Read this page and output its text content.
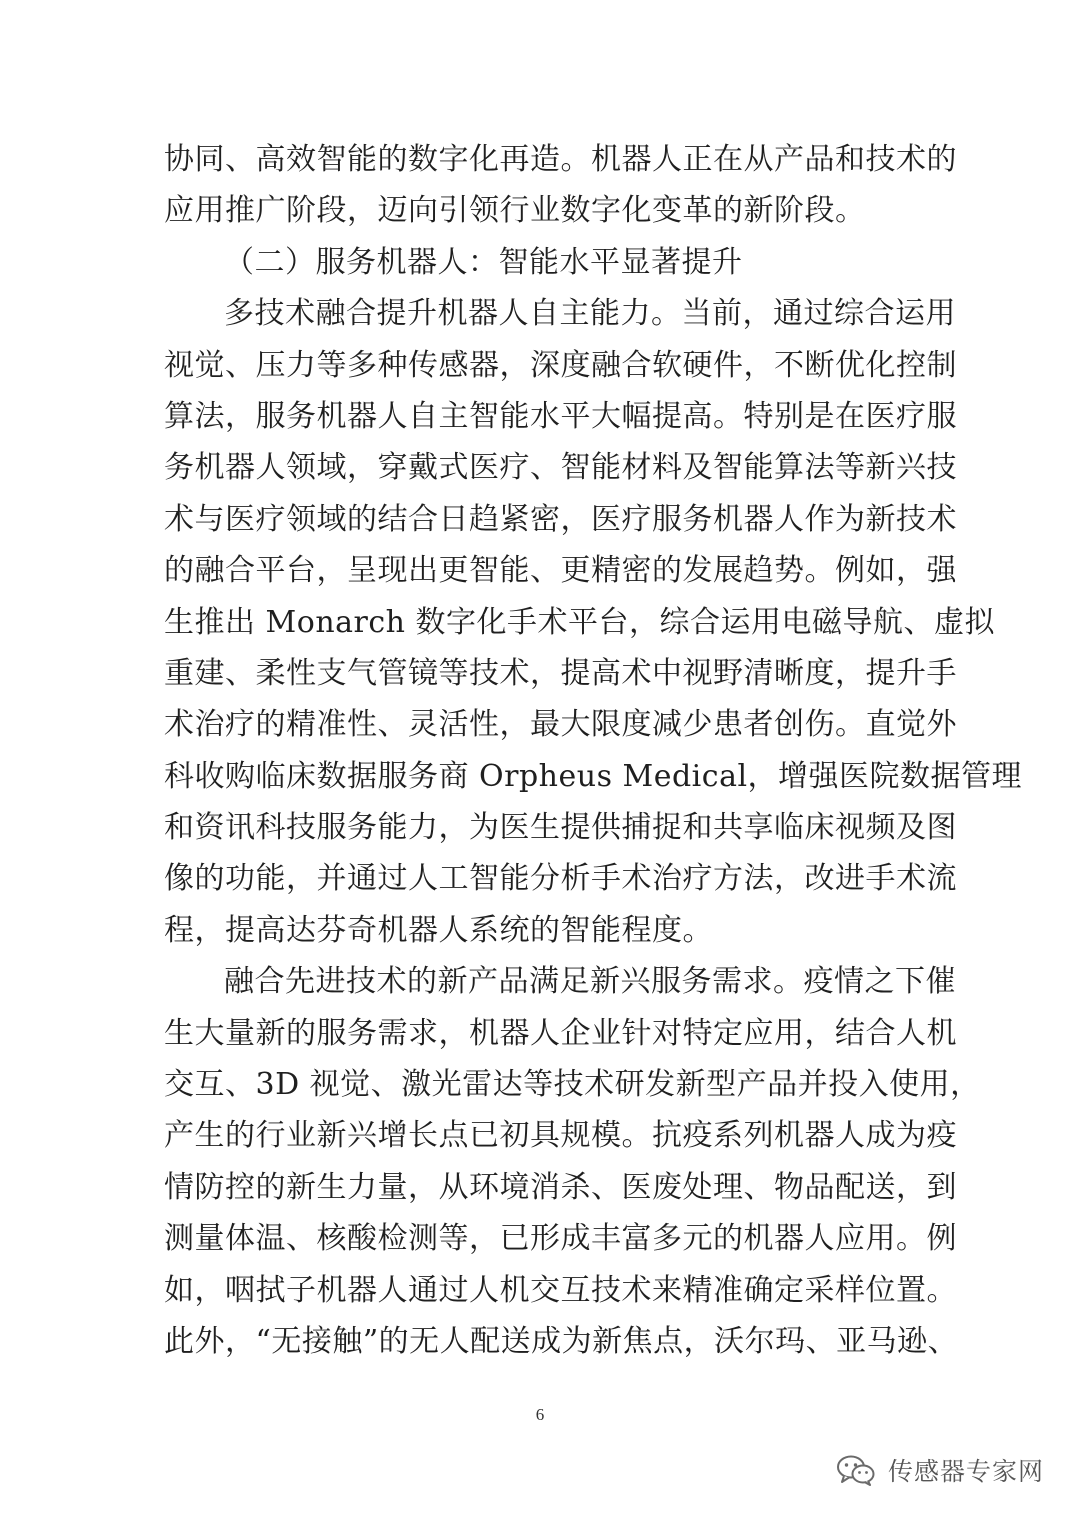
协同、高效智能的数字化再造。机器人正在从产品和技术的
应用推广阶段，迈向引领行业数字化变革的新阶段。
（二）服务机器人：智能水平显著提升
多技术融合提升机器人自主能力。当前，通过综合运用
视觉、压力等多种传感器，深度融合软硬件，不断优化控制
算法，服务机器人自主智能水平大幅提高。特别是在医疗服
务机器人领域，穿戴式医疗、智能材料及智能算法等新兴技
术与医疗领域的结合日趋紧密，医疗服务机器人作为新技术
的融合平台，呈现出更智能、更精密的发展趋势。例如，强
生推出 Monarch 数字化手术平台，综合运用电磁导航、虚拟
重建、柔性支气管镜等技术，提高术中视野清晰度，提升手
术治疗的精准性、灵活性，最大限度减少患者创伤。直觉外
科收购临床数据服务商 Orpheus Medical，增强医院数据管理
和资讯科技服务能力，为医生提供捕捉和共享临床视频及图
像的功能，并通过人工智能分析手术治疗方法，改进手术流
程，提高达芬奇机器人系统的智能程度。
融合先进技术的新产品满足新兴服务需求。疫情之下催
生大量新的服务需求，机器人企业针对特定应用，结合人机
交互、3D 视觉、激光雷达等技术研发新型产品并投入使用，
产生的行业新兴增长点已初具规模。抗疫系列机器人成为疫
情防控的新生力量，从环境消杀、医废处理、物品配送，到
测量体温、核酸检测等，已形成丰富多元的机器人应用。例
如，咽拭子机器人通过人机交互技术来精准确定采样位置。
此外，“无接触”的无人配送成为新焦点，沃尔玛、亚马逊、
6
传感器专家网
